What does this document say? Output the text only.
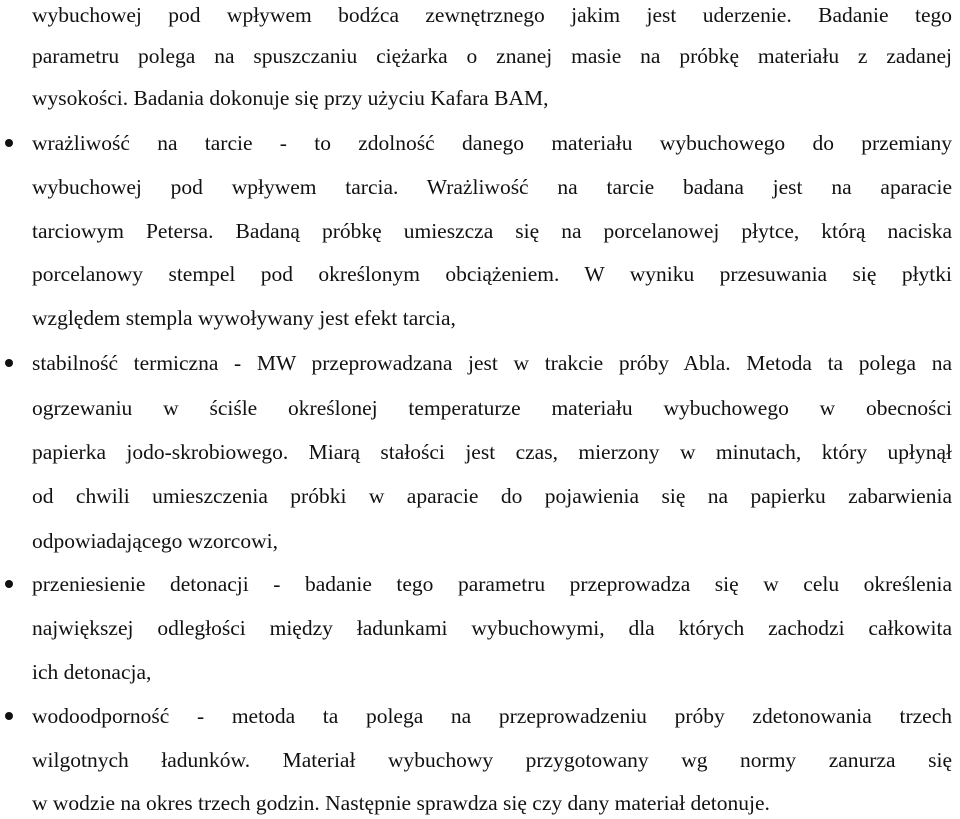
wybuchowej pod wpływem bodźca zewnętrznego jakim jest uderzenie. Badanie tego
parametru polega na spuszczaniu ciężarka o znanej masie na próbkę materiału z zadanej
wysokości. Badania dokonuje się przy użyciu Kafara BAM,
wrażliwość na tarcie - to zdolność danego materiału wybuchowego do przemiany
wybuchowej pod wpływem tarcia. Wrażliwość na tarcie badana jest na aparacie
tarciowym Petersa. Badaną próbkę umieszcza się na porcelanowej płytce, którą naciska
porcelanowy stempel pod określonym obciążeniem. W wyniku przesuwania się płytki
względem stempla wywoływany jest efekt tarcia,
stabilność termiczna - MW przeprowadzana jest w trakcie próby Abla. Metoda ta polega na
ogrzewaniu w ściśle określonej temperaturze materiału wybuchowego w obecności
papierka jodo-skrobiowego. Miarą stałości jest czas, mierzony w minutach, który upłynął
od chwili umieszczenia próbki w aparacie do pojawienia się na papierku zabarwienia
odpowiadającego wzorcowi,
przeniesienie detonacji - badanie tego parametru przeprowadza się w celu określenia
największej odległości między ładunkami wybuchowymi, dla których zachodzi całkowita
ich detonacja,
wodoodporność - metoda ta polega na przeprowadzeniu próby zdetonowania trzech
wilgotnych ładunków. Materiał wybuchowy przygotowany wg normy zanurza się
w wodzie na okres trzech godzin. Następnie sprawdza się czy dany materiał detonuje.
